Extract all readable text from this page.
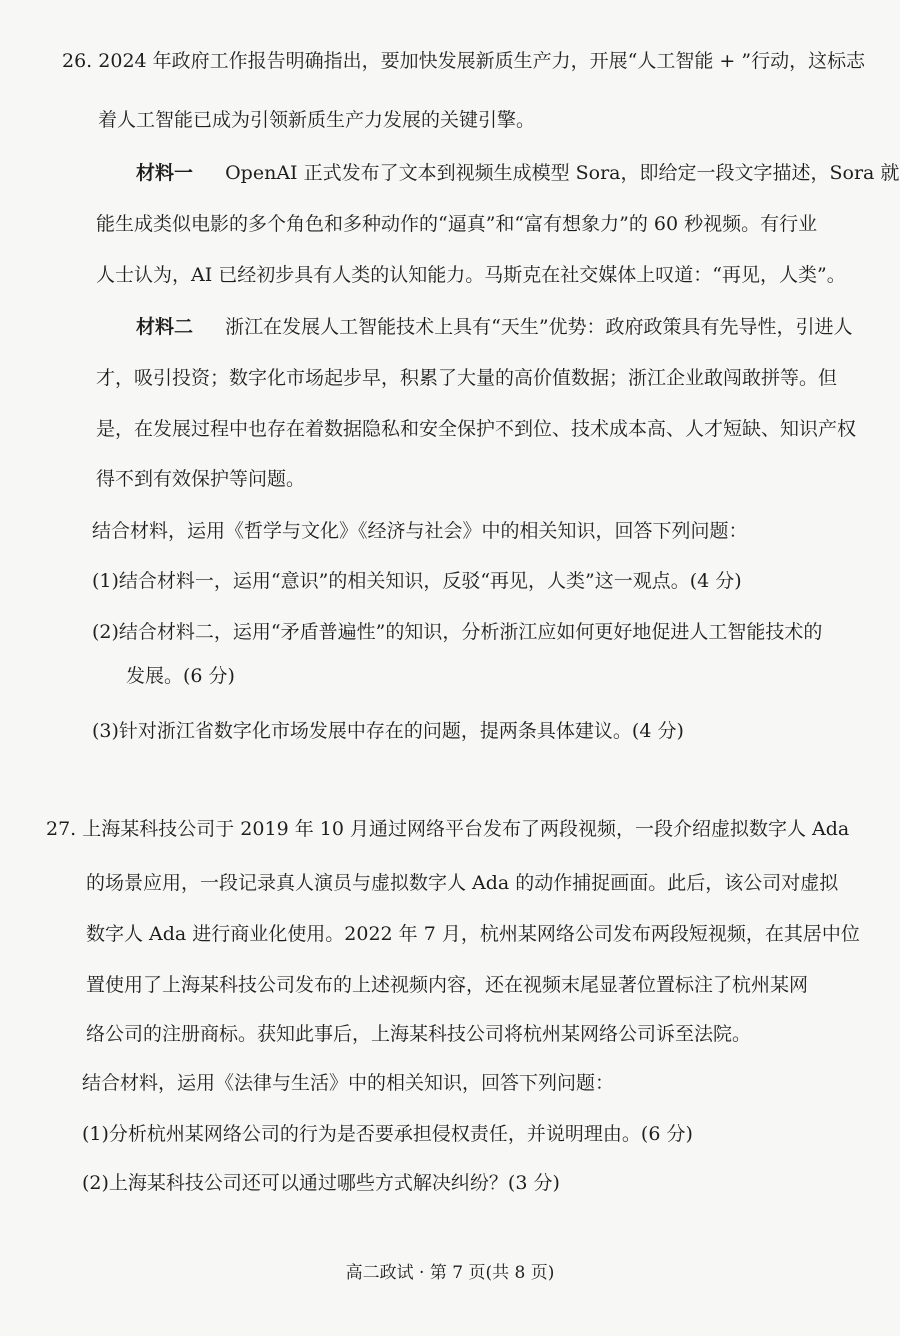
26. 2024 年政府工作报告明确指出，要加快发展新质生产力，开展“人工智能 + ”行动，这标志
着人工智能已成为引领新质生产力发展的关键引擎。
材料一 OpenAI 正式发布了文本到视频生成模型 Sora，即给定一段文字描述，Sora 就
能生成类似电影的多个角色和多种动作的“逼真”和“富有想象力”的 60 秒视频。有行业
人士认为，AI 已经初步具有人类的认知能力。马斯克在社交媒体上叹道：“再见，人类”。
材料二 浙江在发展人工智能技术上具有“天生”优势：政府政策具有先导性，引进人
才，吸引投资；数字化市场起步早，积累了大量的高价值数据；浙江企业敢闯敢拼等。但
是，在发展过程中也存在着数据隐私和安全保护不到位、技术成本高、人才短缺、知识产权
得不到有效保护等问题。
结合材料，运用《哲学与文化》《经济与社会》中的相关知识，回答下列问题：
(1)结合材料一，运用“意识”的相关知识，反驳“再见，人类”这一观点。(4 分)
(2)结合材料二，运用“矛盾普遍性”的知识，分析浙江应如何更好地促进人工智能技术的
发展。(6 分)
(3)针对浙江省数字化市场发展中存在的问题，提两条具体建议。(4 分)
27. 上海某科技公司于 2019 年 10 月通过网络平台发布了两段视频，一段介绍虚拟数字人 Ada
的场景应用，一段记录真人演员与虚拟数字人 Ada 的动作捕捉画面。此后，该公司对虚拟
数字人 Ada 进行商业化使用。2022 年 7 月，杭州某网络公司发布两段短视频，在其居中位
置使用了上海某科技公司发布的上述视频内容，还在视频末尾显著位置标注了杭州某网
络公司的注册商标。获知此事后，上海某科技公司将杭州某网络公司诉至法院。
结合材料，运用《法律与生活》中的相关知识，回答下列问题：
(1)分析杭州某网络公司的行为是否要承担侵权责任，并说明理由。(6 分)
(2)上海某科技公司还可以通过哪些方式解决纠纷？(3 分)
高二政试 · 第 7 页(共 8 页)
